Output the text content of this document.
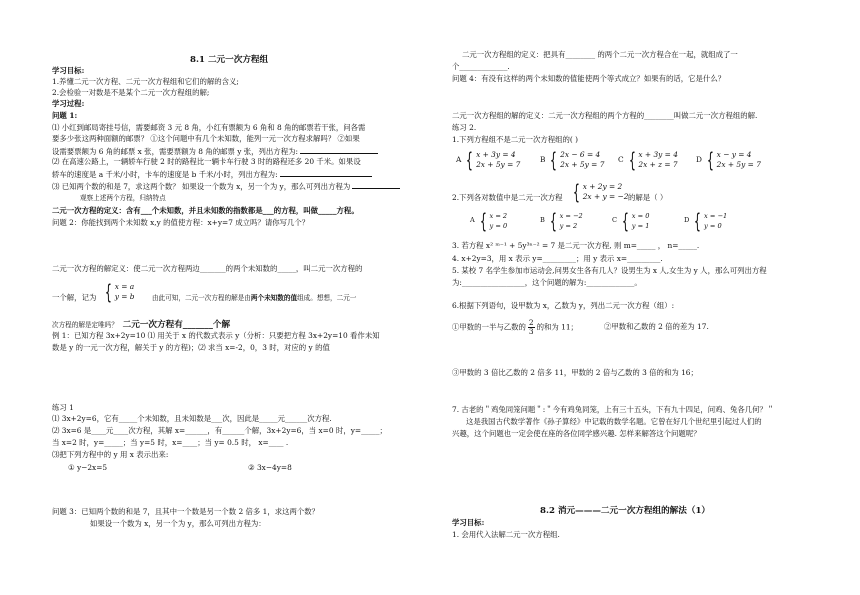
8.1 二元一次方程组
学习目标:
1.养懂二元一次方程、二元一次方程组和它们的解的含义;
2.会检验一对数是不是某个二元一次方程组的解;
学习过程:
问题 1:
⑴ 小红到邮局寄挂号信，需要邮资 3 元 8 角，小红有票额为 6 角和 8 角的邮票若干张，问各需
要多少张这两种面额的邮票？ ①这个问题中有几个未知数，能列一元一次方程求解吗？ ②如果
设需要票额为 6 角的邮票 x 张，需要票额为 8 角的邮票 y 张，列出方程为:
⑵ 在高速公路上，一辆轿车行驶 2 时的路程比一辆卡车行驶 3 时的路程还多 20 千米。如果设
轿车的速度是 a 千米/小时，卡车的速度是 b 千米/小时，列出方程为:
⑶ 已知两个数的和是 7，求这两个数？ 如果设一个数为 x，另一个为 y，那么可列出方程为
观察上述两个方程，归纳特点
二元一次方程的定义：含有___个未知数，并且未知数的指数都是___的方程，叫做_____方程。
问题 2：你能找到两个未知数 x,y 的值使方程：x+y=7 成立吗？请你写几个？
二元一次方程的解定义：使二元一次方程两边_______的两个未知数的_____，叫二元一次方程的
一个解，记为 { x = a
y = b	由此可知，二元一次方程的解是由两个未知数的值组成。想想，二元一
次方程的解是定唯吗？ 二元一次方程有_______个解
例 1：已知方程 3x+2y=10 ⑴ 用关于 x 的代数式表示 y（分析：只要把方程 3x+2y=10 看作未知
数是 y 的一元一次方程，解关于 y 的方程)；⑵ 求当 x=-2，0，3 时，对应的 y 的值
练习 1
⑴ 3x+2y=6，它有_____个未知数，且未知数是___次，因此是_____元______次方程.
⑵ 3x=6 是____元____次方程，其解 x=______，有______个解，3x+2y=6，当 x=0 时，y=_____；
当 x=2 时，y=_____；当 y=5 时，x=____；当 y= 0.5 时， x=____ .
⑶把下列方程中的 y 用 x 表示出来:
① y−2x=5	② 3x−4y=8
问题 3：已知两个数的和是 7，且其中一个数是另一个数 2 倍多 1，求这两个数？
如果设一个数为 x，另一个为 y，那么可列出方程为：
二元一次方程组的定义：把具有________ 的两个二元一次方程合在一起，就组成了一
个_____________.
问题 4：有没有这样的两个未知数的值能使两个等式成立？如果有的话，它是什么？
二元一次方程组的解的定义：二元一次方程组的两个方程的________叫做二元一次方程组的解.
练习 2.
1.下列方程组不是二元一次方程组的( )
A { x + 3y = 4
2x + 5y = 7
B { 2x − 6 = 4
2x + 5y = 7
C { x + 3y = 4
2x + z = 7
D { x − y = 4
2x + 5y = 7
2.下列各对数值中是二元一次方程 { x + 2y = 2
2x + y = −2 的解是（ ）
A { x = 2
y = 0
B { x = −2
y = 2
C { x = 0
y = 1
D { x = −1
y = 0
3. 若方程 x² ᵐ⁻¹ + 5y³ⁿ⁻² = 7 是二元一次方程, 则 m=_____ ， n=_____.
4. x+2y=3，用 x 表示 y=_________；用 y 表示 x=_________.
5. 某校 7 名学生参加市运动会,问男女生各有几人？设男生为 x 人,女生为 y 人，那么可列出方程
为:_________________，这个问题的解为:_____________。
6.根据下列语句，设甲数为 x，乙数为 y，列出二元一次方程（组）:
①甲数的一半与乙数的 $\frac{2}{3}$ 的和为 11；	②甲数和乙数的 2 倍的差为 17.
③甲数的 3 倍比乙数的 2 倍多 11，甲数的 2 倍与乙数的 3 倍的和为 16；
7. 古老的＂鸡兔同笼问题＂:＂今有鸡兔同笼，上有三十五头，下有九十四足，问鸡、兔各几何？＂
这是我国古代数学著作《孙子算经》中记载的数学名题。它曾在好几个世纪里引起过人们的
兴趣，这个问题也一定会使在座的各位同学感兴趣. 怎样来解答这个问题呢？
8.2 消元———二元一次方程组的解法（1）
学习目标:
1. 会用代入法解二元一次方程组.
